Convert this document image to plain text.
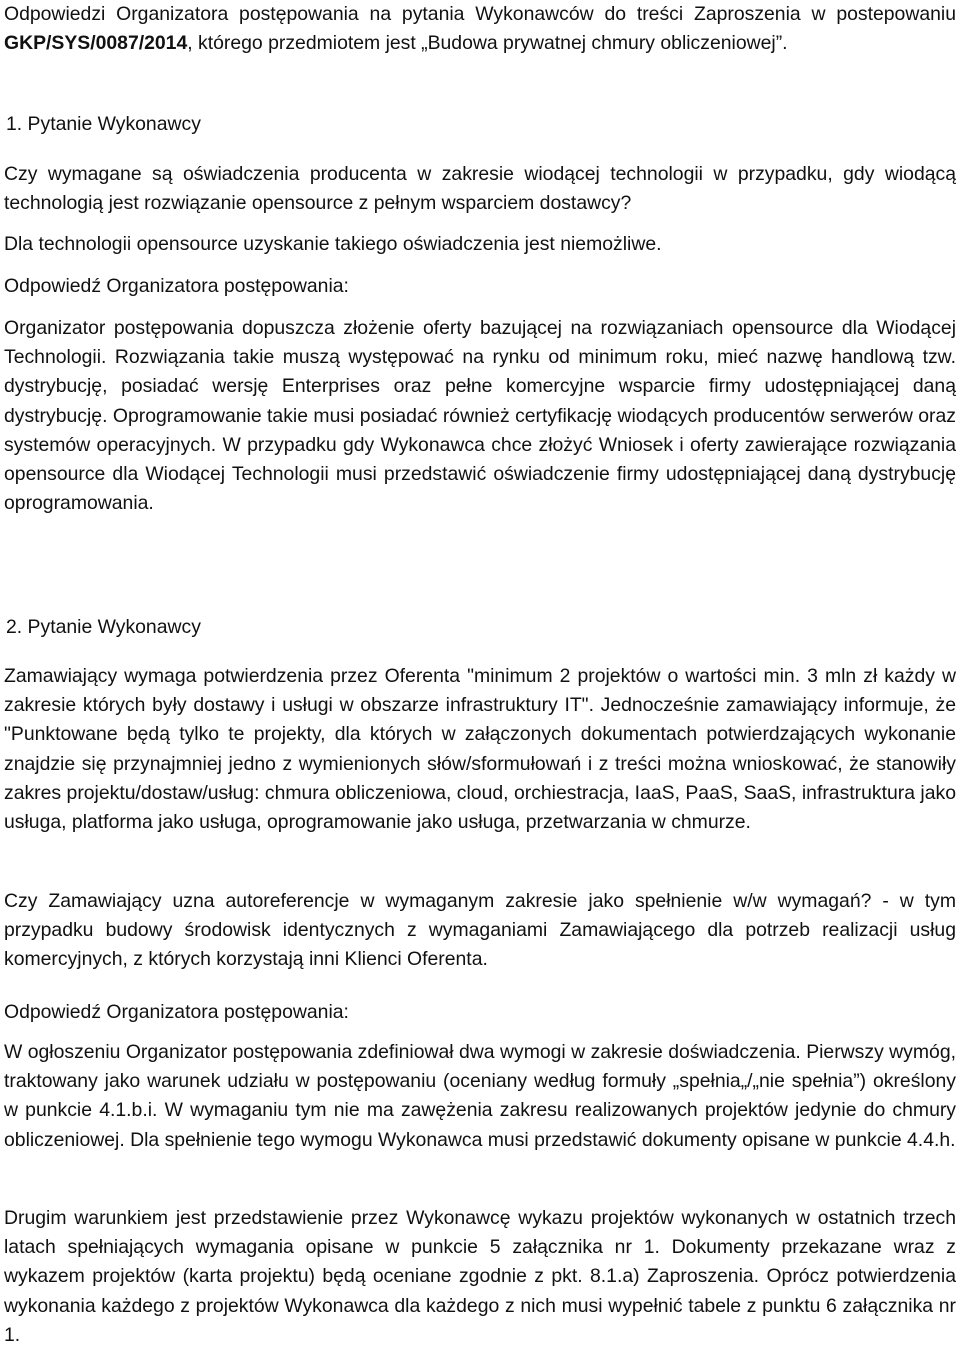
Odpowiedzi Organizatora postępowania na pytania Wykonawców do treści Zaproszenia w postepowaniu GKP/SYS/0087/2014, którego przedmiotem jest „Budowa prywatnej chmury obliczeniowej”.

1. Pytanie Wykonawcy

Czy wymagane są oświadczenia producenta w zakresie wiodącej technologii w przypadku, gdy wiodącą technologią jest rozwiązanie opensource z pełnym wsparciem dostawcy?

Dla technologii opensource uzyskanie takiego oświadczenia jest niemożliwe.

Odpowiedź Organizatora postępowania:

Organizator postępowania dopuszcza złożenie oferty bazującej na rozwiązaniach opensource dla Wiodącej Technologii. Rozwiązania takie muszą występować na rynku od minimum roku, mieć nazwę handlową tzw. dystrybucję, posiadać wersję Enterprises oraz pełne komercyjne wsparcie firmy udostępniającej daną dystrybucję. Oprogramowanie takie musi posiadać również certyfikację wiodących producentów serwerów oraz systemów operacyjnych. W przypadku gdy Wykonawca chce złożyć Wniosek i oferty zawierające rozwiązania opensource dla Wiodącej Technologii musi przedstawić oświadczenie firmy udostępniającej daną dystrybucję oprogramowania.

2. Pytanie Wykonawcy

Zamawiający wymaga potwierdzenia przez Oferenta "minimum 2 projektów o wartości min. 3 mln zł każdy w zakresie których były dostawy i usługi w obszarze infrastruktury IT". Jednocześnie zamawiający informuje, że "Punktowane będą tylko te projekty, dla których w załączonych dokumentach potwierdzających wykonanie znajdzie się przynajmniej jedno z wymienionych słów/sformułowań i z treści można wnioskować, że stanowiły zakres projektu/dostaw/usług: chmura obliczeniowa, cloud, orchiestracja, IaaS, PaaS, SaaS, infrastruktura jako usługa, platforma jako usługa, oprogramowanie jako usługa, przetwarzania w chmurze.

Czy Zamawiający uzna autoreferencje w wymaganym zakresie jako spełnienie w/w wymagań? - w tym przypadku budowy środowisk identycznych z wymaganiami Zamawiającego dla potrzeb realizacji usług komercyjnych, z których korzystają inni Klienci Oferenta.

Odpowiedź Organizatora postępowania:

W ogłoszeniu Organizator postępowania zdefiniował dwa wymogi w zakresie doświadczenia. Pierwszy wymóg, traktowany jako warunek udziału w postępowaniu (oceniany według formuły „spełnia„/„nie spełnia”) określony w punkcie 4.1.b.i. W wymaganiu tym nie ma zawężenia zakresu realizowanych projektów jedynie do chmury obliczeniowej. Dla spełnienie tego wymogu Wykonawca musi przedstawić dokumenty opisane w punkcie 4.4.h.

Drugim warunkiem jest przedstawienie przez Wykonawcę wykazu projektów wykonanych w ostatnich trzech latach spełniających wymagania opisane w punkcie 5 załącznika nr 1. Dokumenty przekazane wraz z wykazem projektów (karta projektu) będą oceniane zgodnie z pkt. 8.1.a) Zaproszenia. Oprócz potwierdzenia wykonania każdego z projektów Wykonawca dla każdego z nich musi wypełnić tabele z punktu 6 załącznika nr 1.
